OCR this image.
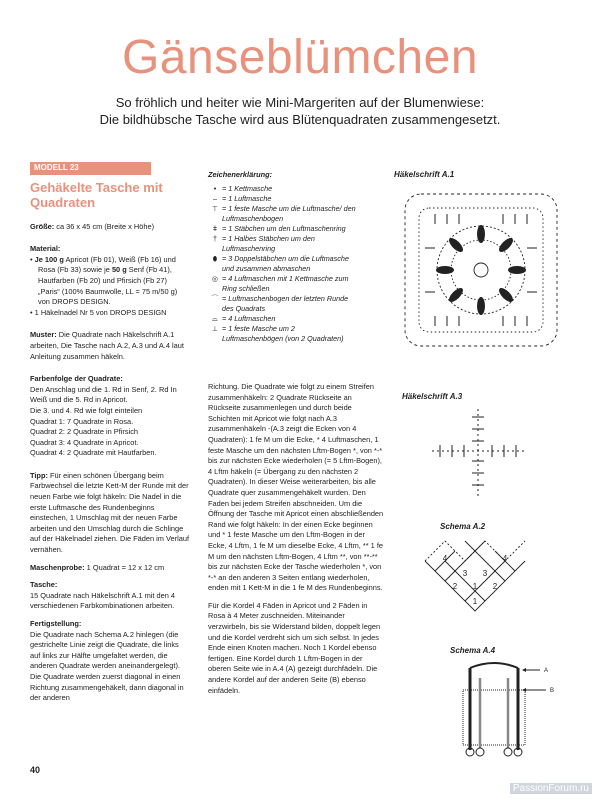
Gänseblümchen
So fröhlich und heiter wie Mini-Margeriten auf der Blumenwiese:
Die bildhübsche Tasche wird aus Blütenquadraten zusammengesetzt.
MODELL 23
Gehäkelte Tasche mit Quadraten

Größe: ca 36 x 45 cm (Breite x Höhe)

Material:

• Je 100 g Apricot (Fb 01), Weiß (Fb 16) und Rosa (Fb 33) sowie je 50 g Senf (Fb 41), Hautfarben (Fb 20) und Pfirsich (Fb 27) „Paris“ (100% Baumwolle, LL = 75 m/50 g) von DROPS DESIGN.
• 1 Häkelnadel Nr 5 von DROPS DESIGN

Muster: Die Quadrate nach Häkelschrift A.1 arbeiten, Die Tasche nach A.2, A.3 und A.4 laut Anleitung zusammen häkeln.

Farbenfolge der Quadrate:
Den Anschlag und die 1. Rd in Senf, 2. Rd In Weiß und die 5. Rd in Apricot.
Die 3. und 4. Rd wie folgt einteilen
Quadrat 1: 7 Quadrate in Rosa.
Quadrat 2: 2 Quadrate in Pfirsich
Quadrat 3: 4 Quadrate in Apricot.
Quadrat 4: 2 Quadrate mit Hautfarben.

Tipp: Für einen schönen Übergang beim Farbwechsel die letzte Kett-M der Runde mit der neuen Farbe wie folgt häkeln: Die Nadel in die erste Luftmasche des Rundenbeginns einstechen, 1 Umschlag mit der neuen Farbe arbeiten und den Umschlag durch die Schlinge auf der Häkelnadel ziehen. Die Fäden im Verlauf vernähen.

Maschenprobe: 1 Quadrat = 12 x 12 cm

Tasche:
15 Quadrate nach Häkelschrift A.1 mit den 4 verschiedenen Farbkombinationen arbeiten.

Fertigstellung:
Die Quadrate nach Schema A.2 hinlegen (die gestrichelte Linie zeigt die Quadrate, die links auf links zur Hälfte umgefaltet werden, die anderen Quadrate werden aneinandergelegt). Die Quadrate werden zuerst diagonal in einen Richtung zusammengehäkelt, dann diagonal in der anderen

Zeichenerklärung:
• = 1 Kettmasche
‒ = 1 Luftmasche
⊤ = 1 feste Masche um die Luftmasche/ den Luftmaschenbogen
ǂ = 1 Stäbchen um den Luftmaschenring
† = 1 Halbes Stäbchen um den Luftmaschenring
⬮ = 3 Doppelstäbchen um die Luftmasche und zusammen abmaschen
◎ = 4 Luftmaschen mit 1 Kettmasche zum Ring schließen
⌒ = Luftmaschenbogen der letzten Runde des Quadrats
⌓ = 4 Luftmaschen
⊥ = 1 feste Masche um 2 Luftmaschenbögen (von 2 Quadraten)

Richtung. Die Quadrate wie folgt zu einem Streifen zusammenhäkeln: 2 Quadrate Rückseite an Rückseite zusammenlegen und durch beide Schichten mit Apricot wie folgt nach A.3 zusammenhäkeln -(A.3 zeigt die Ecken von 4 Quadraten): 1 fe M um die Ecke, * 4 Luftmaschen, 1 feste Masche um den nächsten Lftm-Bogen *, von *-* bis zur nächsten Ecke wiederholen (= 5 Lftm-Bogen), 4 Lftm häkeln (= Übergang zu den nächsten 2 Quadraten). In dieser Weise weiterarbeiten, bis alle Quadrate quer zusammengehäkelt wurden. Den Faden bei jedem Streifen abschneiden. Um die Öffnung der Tasche mit Apricot einen abschließenden Rand wie folgt häkeln: In der einen Ecke beginnen und * 1 feste Masche um den Lftm-Bogen in der Ecke, 4 Lftm, 1 fe M um dieselbe Ecke, 4 Lftm, ** 1 fe M um den nächsten Lftm-Bogen, 4 Lftm **, von **-** bis zur nächsten Ecke der Tasche wiederholen *, von *-* an den anderen 3 Seiten entlang wiederholen, enden mit 1 Kett-M in die 1 fe M des Rundenbeginns.

Für die Kordel 4 Fäden in Apricot und 2 Fäden in Rosa à 4 Meter zuschneiden. Miteinander verzwirbeln, bis sie Widerstand bilden, doppelt legen und die Kordel verdreht sich um sich selbst. In jedes Ende einen Knoten machen. Noch 1 Kordel ebenso fertigen. Eine Kordel durch 1 Lftm-Bogen in der oberen Seite wie in A.4 (A) gezeigt durchfädeln. Die andere Kordel auf der anderen Seite (B) ebenso einfädeln.

Häkelschrift A.1
Häkelschrift A.3
Schema A.2
4	4
3 3
2 1 2
1
Schema A.4
A
B
40
PassionForum.ru
